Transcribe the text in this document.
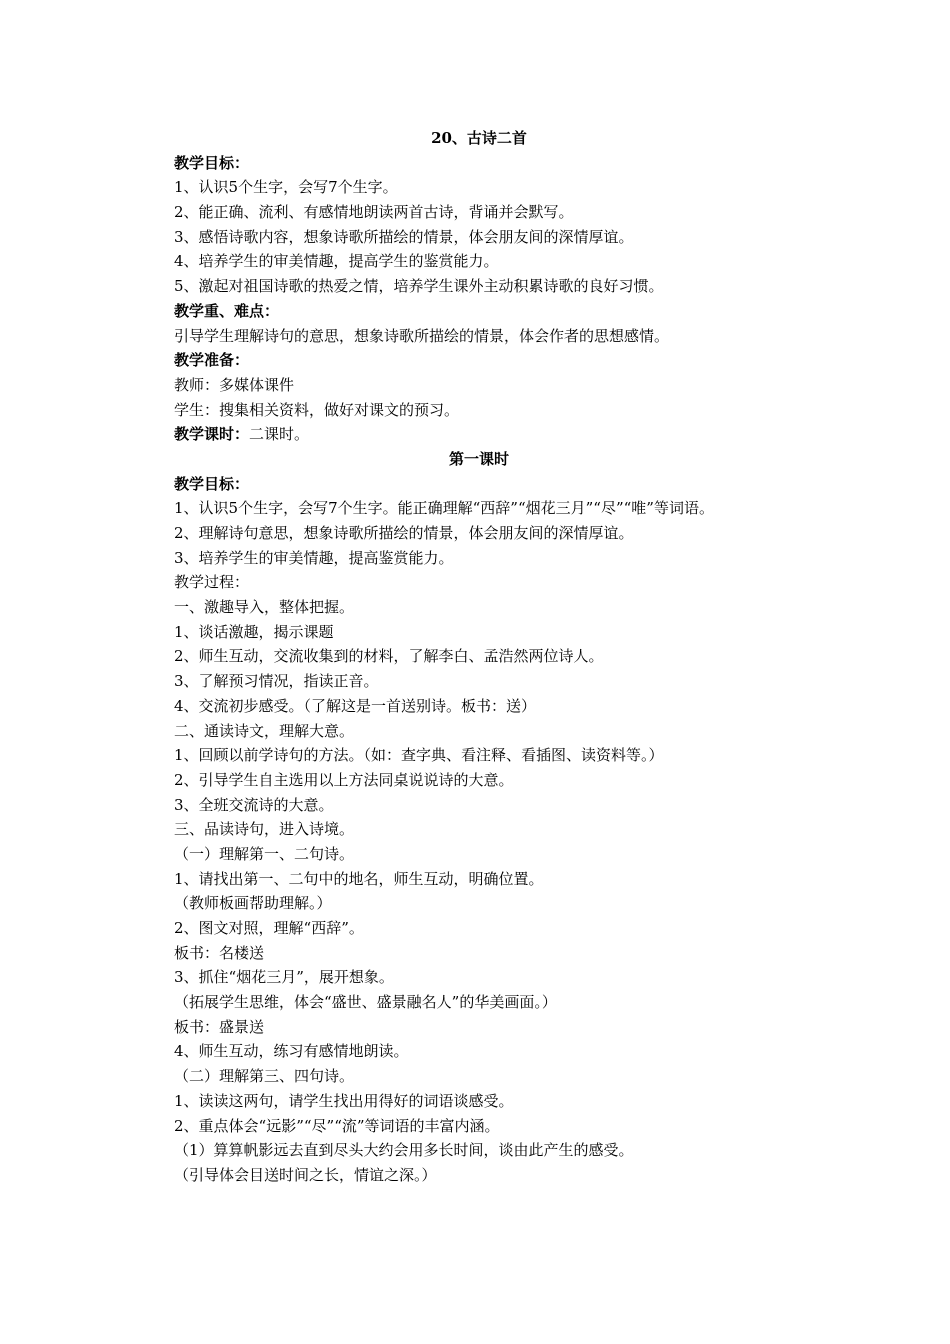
20、古诗二首
教学目标：
1、认识5个生字，会写7个生字。
2、能正确、流利、有感情地朗读两首古诗，背诵并会默写。
3、感悟诗歌内容，想象诗歌所描绘的情景，体会朋友间的深情厚谊。
4、培养学生的审美情趣，提高学生的鉴赏能力。
5、激起对祖国诗歌的热爱之情，培养学生课外主动积累诗歌的良好习惯。
教学重、难点：
引导学生理解诗句的意思，想象诗歌所描绘的情景，体会作者的思想感情。
教学准备：
教师：多媒体课件
学生：搜集相关资料，做好对课文的预习。
教学课时：二课时。
第一课时
教学目标：
1、认识5个生字，会写7个生字。能正确理解“西辞”“烟花三月”“尽”“唯”等词语。
2、理解诗句意思，想象诗歌所描绘的情景，体会朋友间的深情厚谊。
3、培养学生的审美情趣，提高鉴赏能力。
教学过程：
一、激趣导入，整体把握。
1、谈话激趣，揭示课题
2、师生互动，交流收集到的材料，了解李白、孟浩然两位诗人。
3、了解预习情况，指读正音。
4、交流初步感受。（了解这是一首送别诗。板书：送）
二、通读诗文，理解大意。
1、回顾以前学诗句的方法。（如：查字典、看注释、看插图、读资料等。）
2、引导学生自主选用以上方法同桌说说诗的大意。
3、全班交流诗的大意。
三、品读诗句，进入诗境。
（一）理解第一、二句诗。
1、请找出第一、二句中的地名，师生互动，明确位置。
（教师板画帮助理解。）
2、图文对照，理解“西辞”。
板书：名楼送
3、抓住“烟花三月”，展开想象。
（拓展学生思维，体会“盛世、盛景融名人”的华美画面。）
板书：盛景送
4、师生互动，练习有感情地朗读。
（二）理解第三、四句诗。
1、读读这两句，请学生找出用得好的词语谈感受。
2、重点体会“远影”“尽”“流”等词语的丰富内涵。
（1）算算帆影远去直到尽头大约会用多长时间，谈由此产生的感受。
（引导体会目送时间之长，情谊之深。）
